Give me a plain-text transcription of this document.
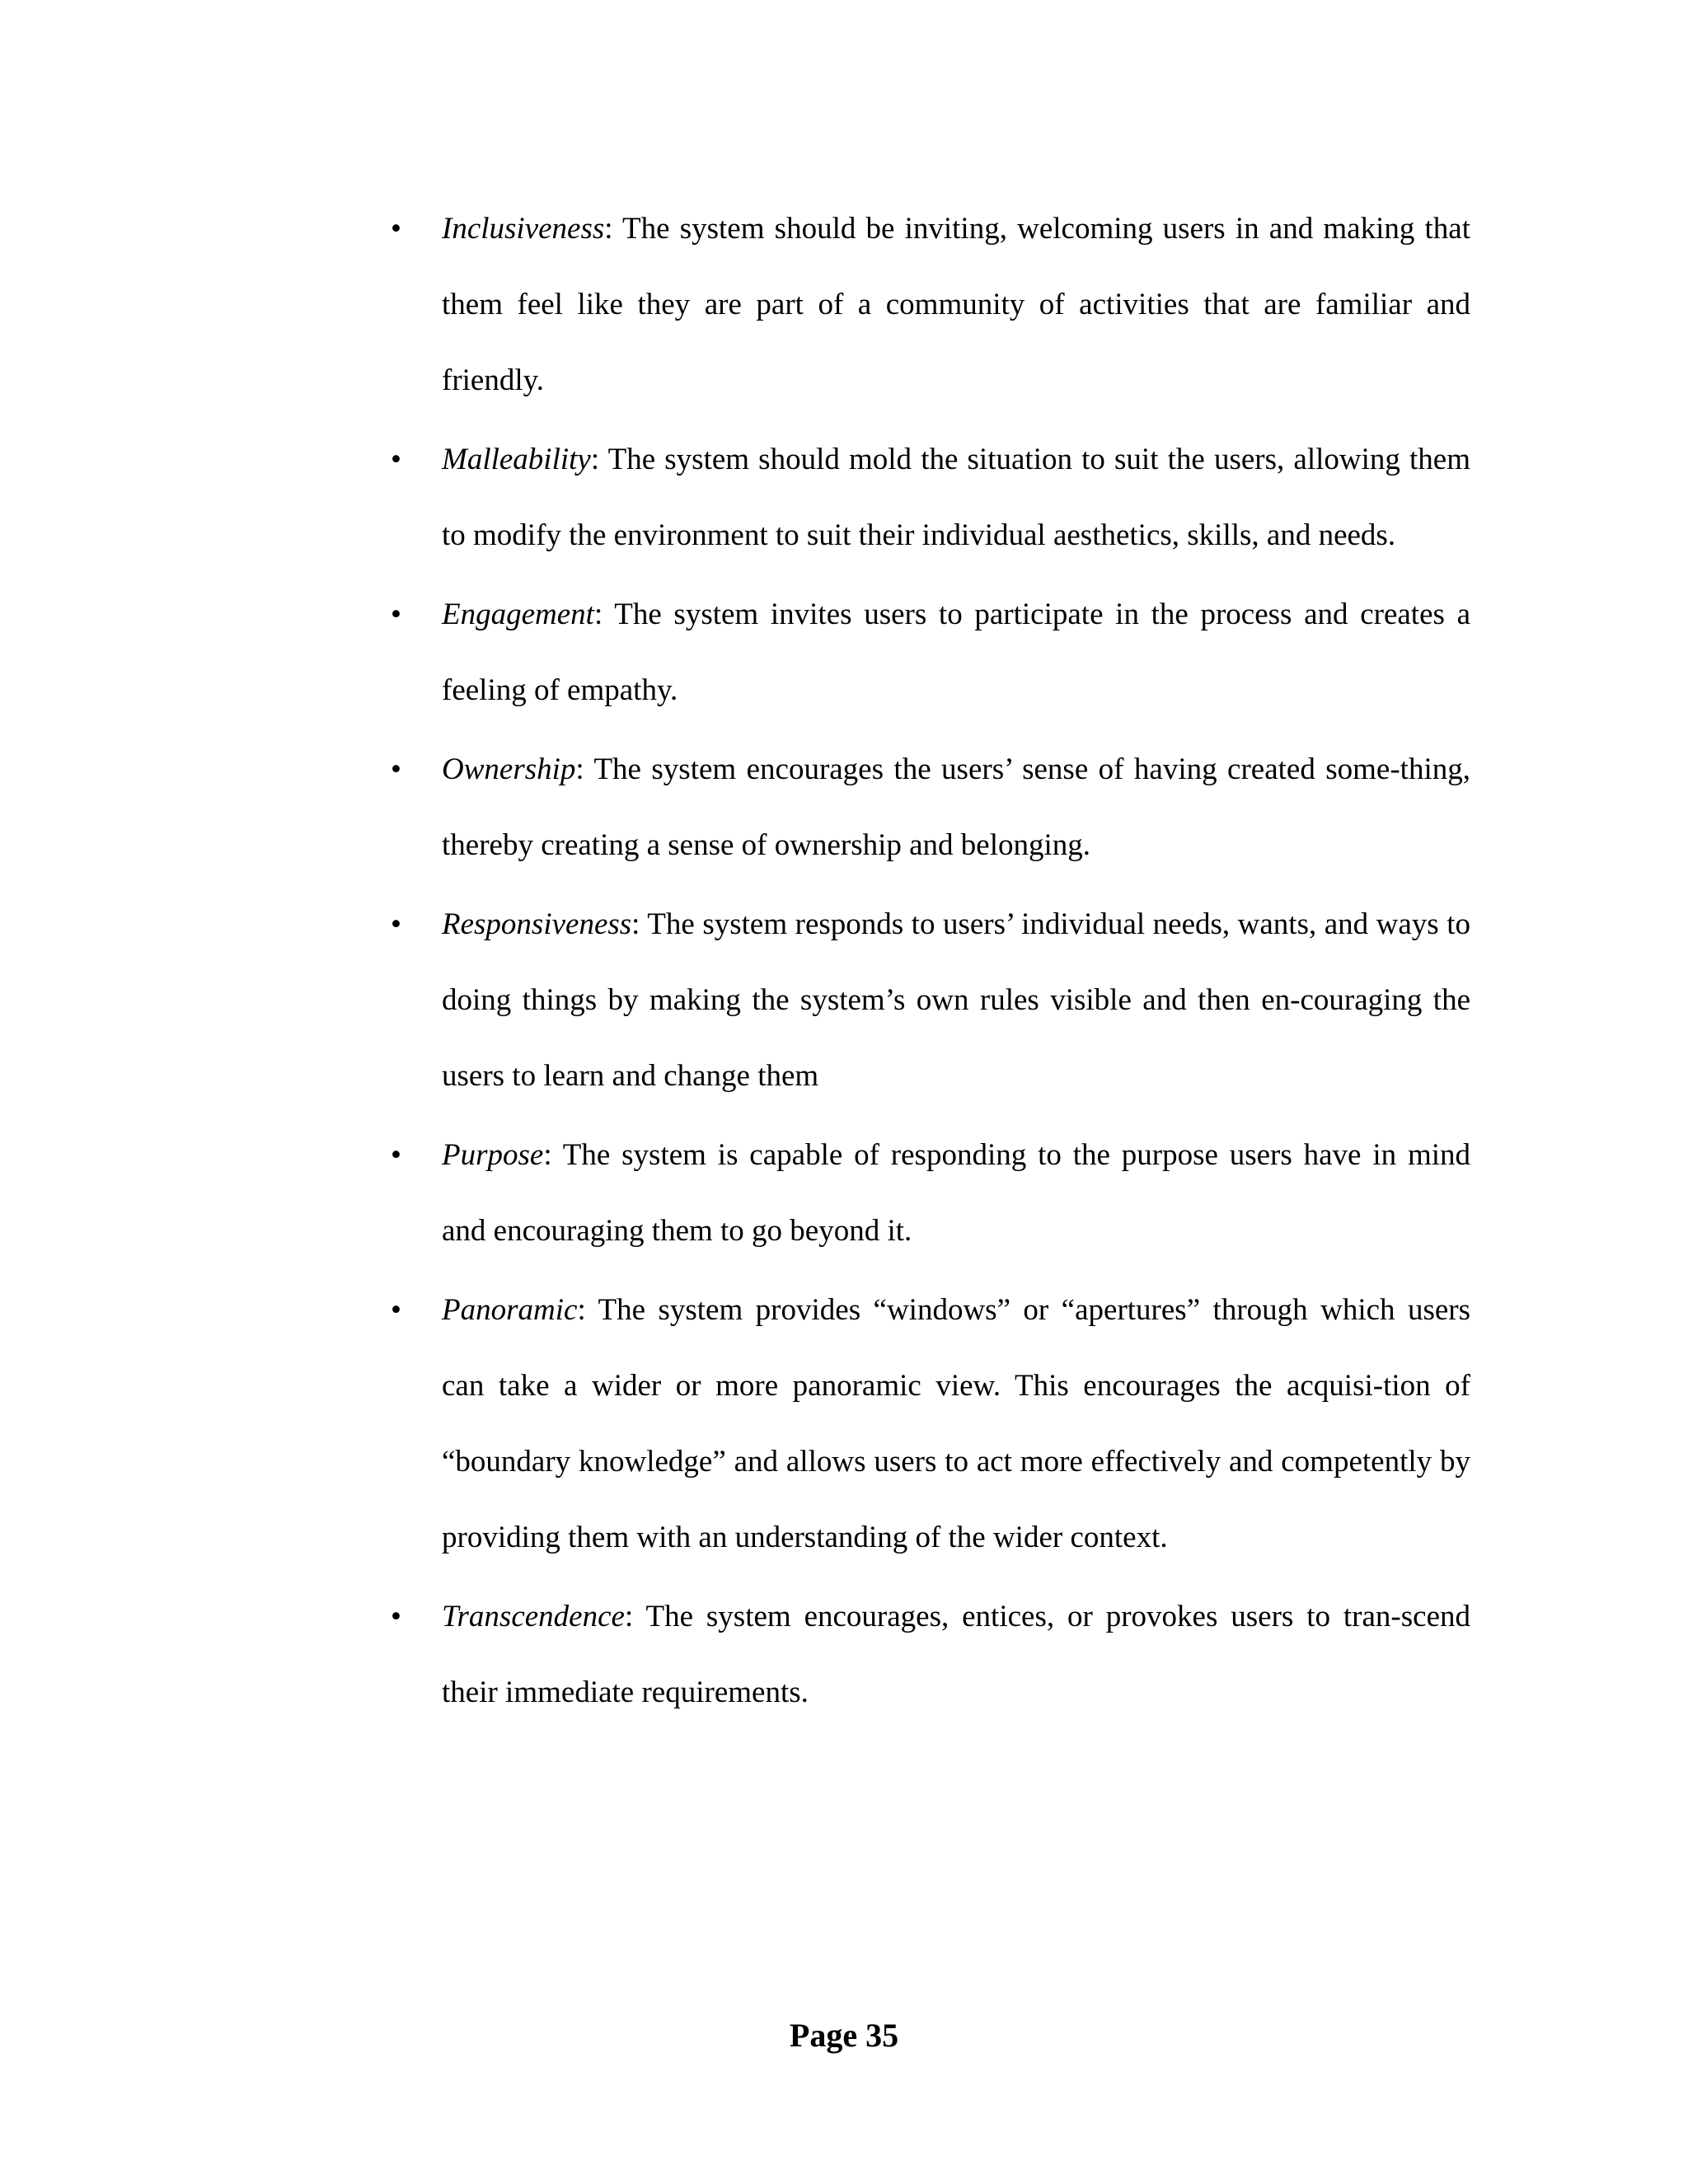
• Inclusiveness: The system should be inviting, welcoming users in and making that them feel like they are part of a community of activities that are familiar and friendly.
• Malleability: The system should mold the situation to suit the users, allowing them to modify the environment to suit their individual aesthetics, skills, and needs.
• Engagement: The system invites users to participate in the process and creates a feeling of empathy.
• Ownership: The system encourages the users’ sense of having created some-thing, thereby creating a sense of ownership and belonging.
• Responsiveness: The system responds to users’ individual needs, wants, and ways to doing things by making the system’s own rules visible and then en-couraging the users to learn and change them
• Purpose: The system is capable of responding to the purpose users have in mind and encouraging them to go beyond it.
• Panoramic: The system provides “windows” or “apertures” through which users can take a wider or more panoramic view. This encourages the acquisi-tion of “boundary knowledge” and allows users to act more effectively and competently by providing them with an understanding of the wider context.
• Transcendence: The system encourages, entices, or provokes users to tran-scend their immediate requirements.
Page 35
